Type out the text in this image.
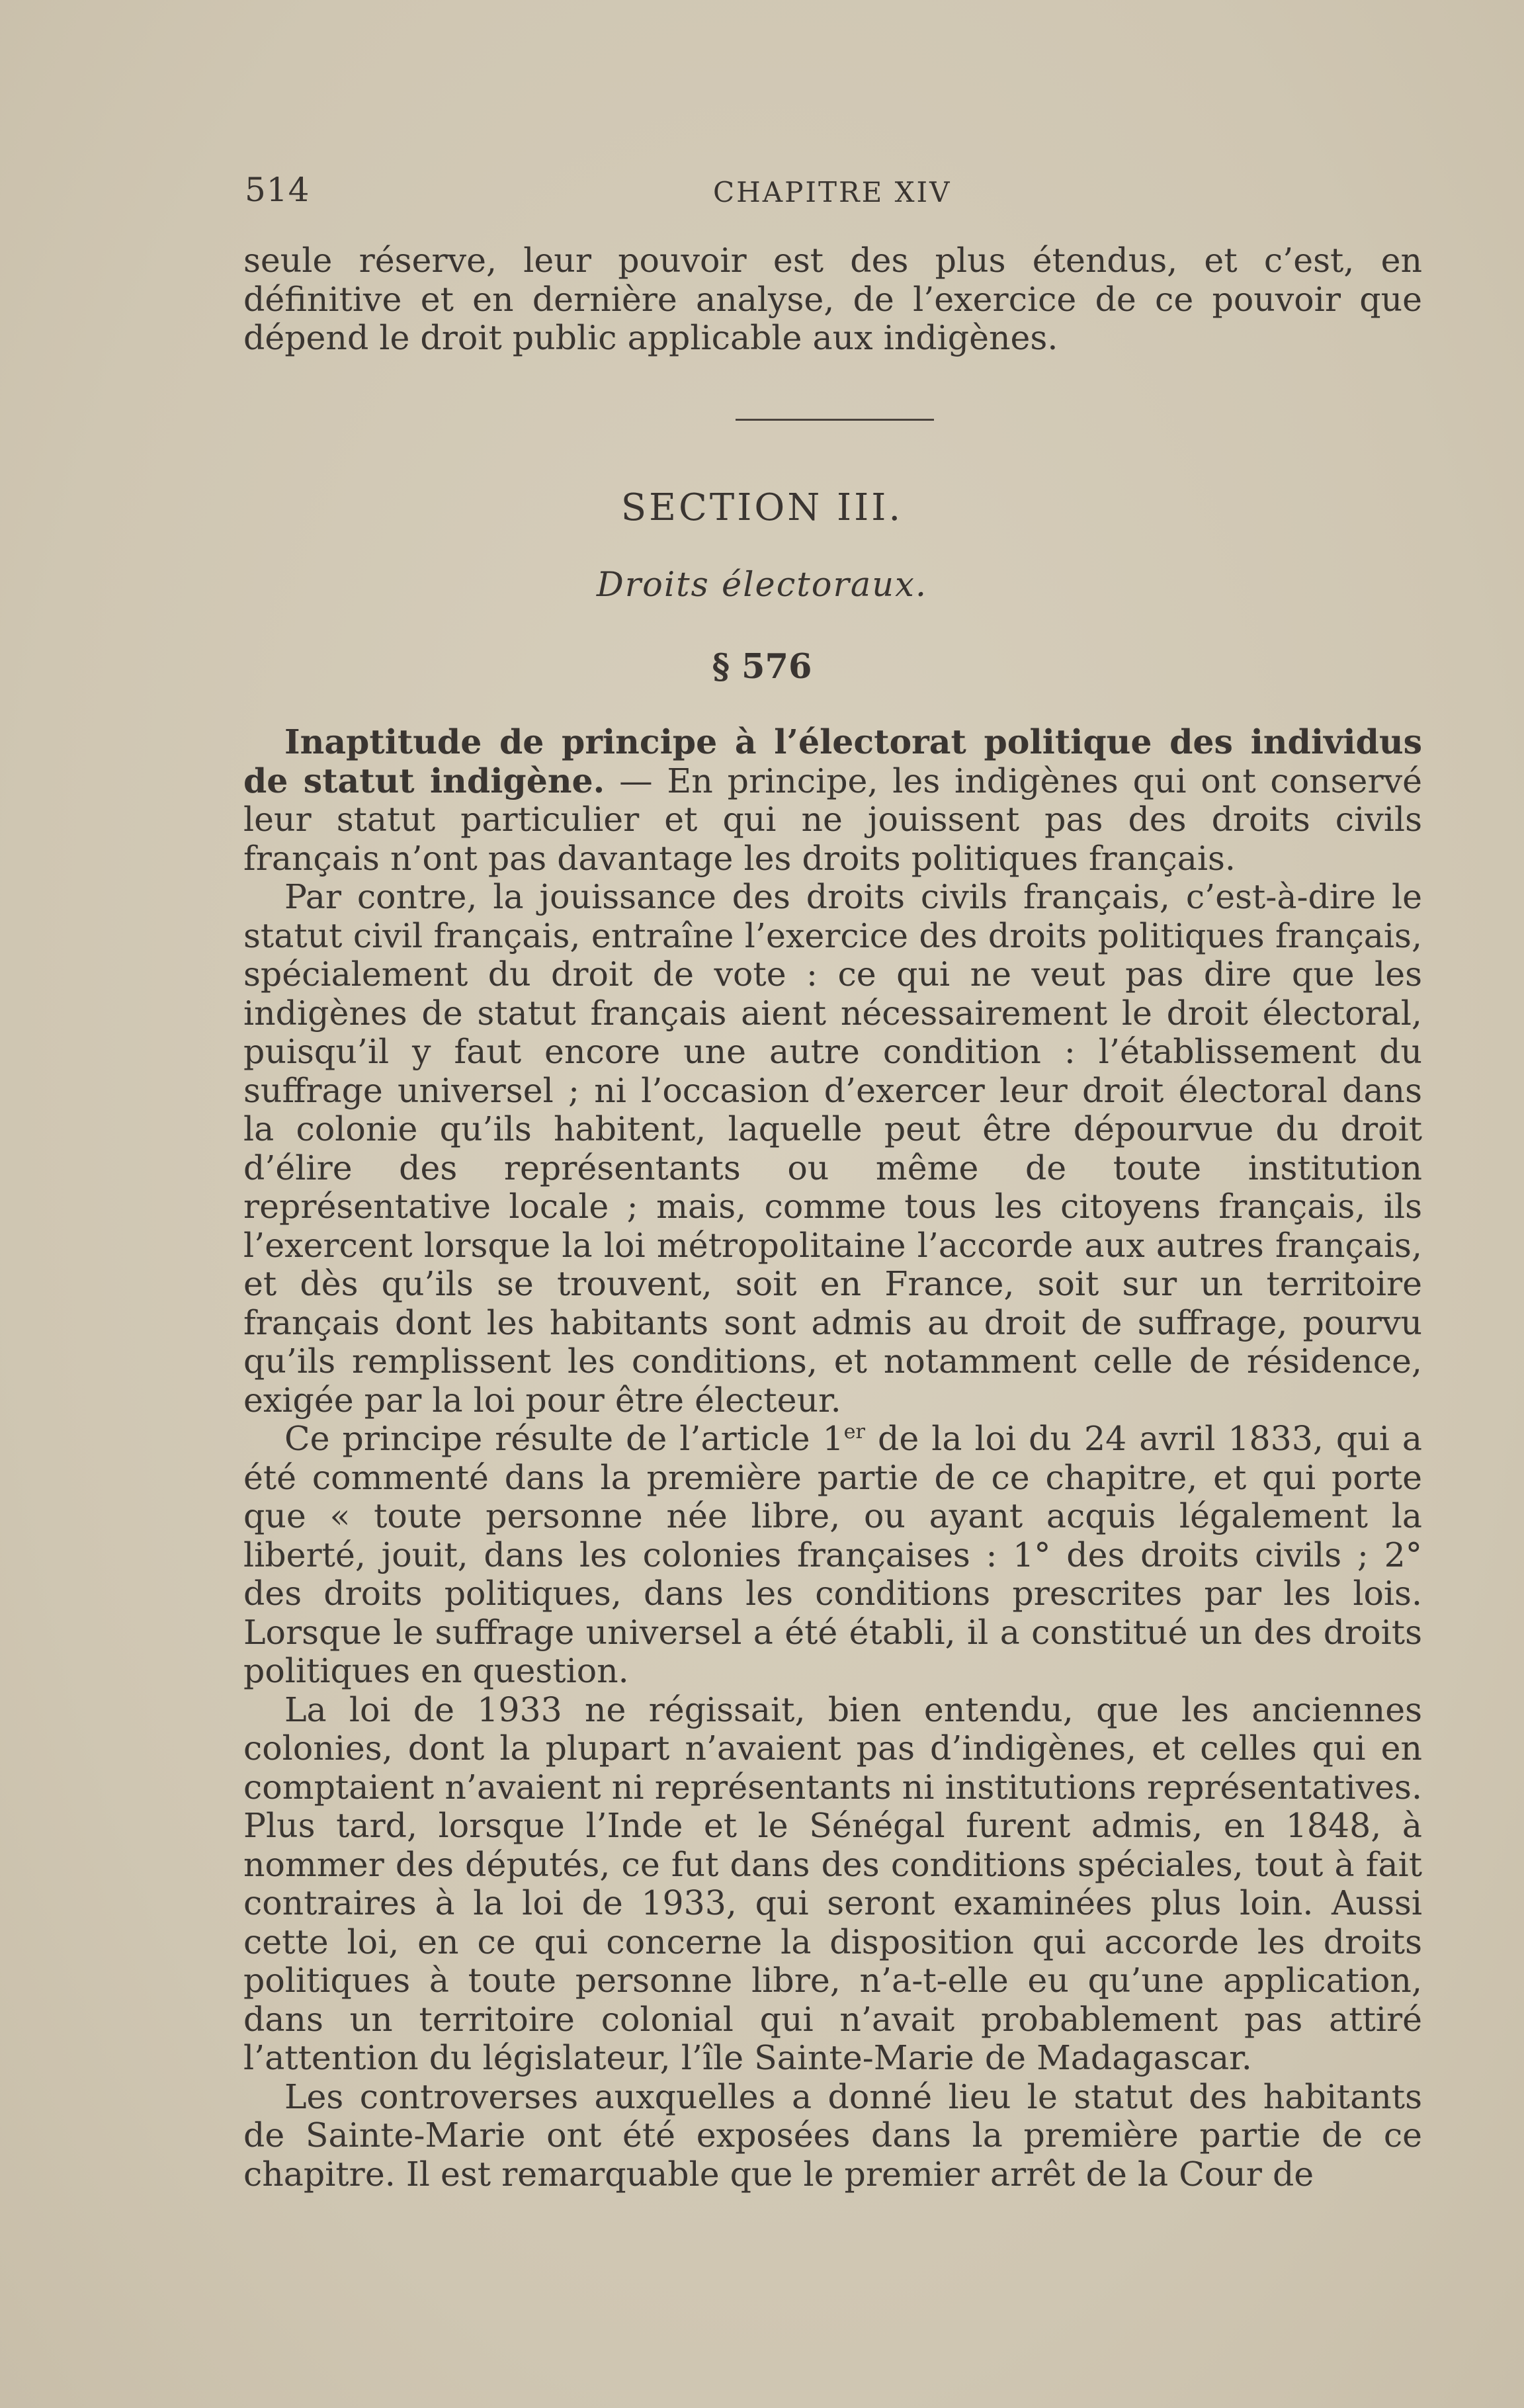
514	CHAPITRE XIV

seule réserve, leur pouvoir est des plus étendus, et c’est, en définitive et en dernière analyse, de l’exercice de ce pouvoir que dépend le droit public applicable aux indigènes.

SECTION III.
Droits électoraux.
§ 576

Inaptitude de principe à l’électorat politique des individus de statut indigène. — En principe, les indigènes qui ont conservé leur statut particulier et qui ne jouissent pas des droits civils français n’ont pas davantage les droits politiques français.

Par contre, la jouissance des droits civils français, c’est-à-dire le statut civil français, entraîne l’exercice des droits politiques français, spécialement du droit de vote : ce qui ne veut pas dire que les indigènes de statut français aient nécessairement le droit électoral, puisqu’il y faut encore une autre condition : l’établissement du suffrage universel ; ni l’occasion d’exercer leur droit électoral dans la colonie qu’ils habitent, laquelle peut être dépourvue du droit d’élire des représentants ou même de toute institution représentative locale ; mais, comme tous les citoyens français, ils l’exercent lorsque la loi métropolitaine l’accorde aux autres français, et dès qu’ils se trouvent, soit en France, soit sur un territoire français dont les habitants sont admis au droit de suffrage, pourvu qu’ils remplissent les conditions, et notamment celle de résidence, exigée par la loi pour être électeur.

Ce principe résulte de l’article 1er de la loi du 24 avril 1833, qui a été commenté dans la première partie de ce chapitre, et qui porte que « toute personne née libre, ou ayant acquis légalement la liberté, jouit, dans les colonies françaises : 1° des droits civils ; 2° des droits politiques, dans les conditions prescrites par les lois. Lorsque le suffrage universel a été établi, il a constitué un des droits politiques en question.

La loi de 1933 ne régissait, bien entendu, que les anciennes colonies, dont la plupart n’avaient pas d’indigènes, et celles qui en comptaient n’avaient ni représentants ni institutions représentatives. Plus tard, lorsque l’Inde et le Sénégal furent admis, en 1848, à nommer des députés, ce fut dans des conditions spéciales, tout à fait contraires à la loi de 1933, qui seront examinées plus loin. Aussi cette loi, en ce qui concerne la disposition qui accorde les droits politiques à toute personne libre, n’a-t-elle eu qu’une application, dans un territoire colonial qui n’avait probablement pas attiré l’attention du législateur, l’île Sainte-Marie de Madagascar.

Les controverses auxquelles a donné lieu le statut des habitants de Sainte-Marie ont été exposées dans la première partie de ce chapitre. Il est remarquable que le premier arrêt de la Cour de
